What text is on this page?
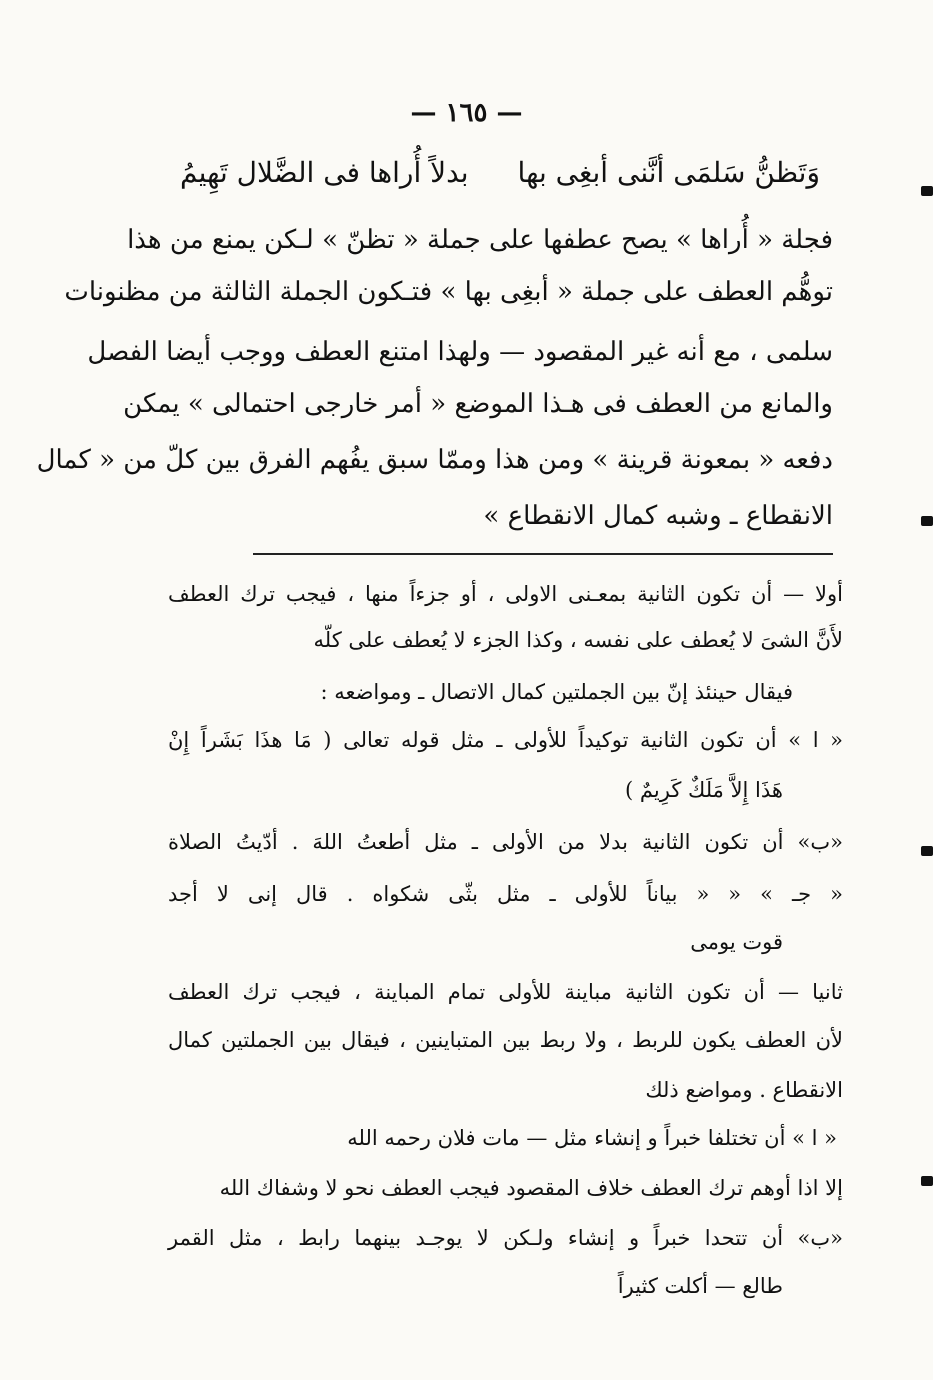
— ١٦٥ —
وَتَظنُّ سَلمَى أنَّنى أبغِى بها
بدلاً أُراها فى الضَّلال تَهِيمُ
فجلة « أُراها » يصح عطفها على جملة « تظنّ » لـكن يمنع من هذا
توهُّم العطف على جملة « أبغِى بها » فتـكون الجملة الثالثة من مظنونات
سلمى ، مع أنه غير المقصود — ولهذا امتنع العطف ووجب أيضا الفصل
والمانع من العطف فى هـذا الموضع « أمر خارجى احتمالى » يمكن
دفعه « بمعونة قرينة » ومن هذا وممّا سبق يفُهم الفرق بين كلّ من « كمال
الانقطاع ـ وشبه كمال الانقطاع »
أولا — أن تكون الثانية بمعـنى الاولى ، أو جزءاً منها ، فيجب ترك العطف
لأَنَّ الشىَ لا يُعطف على نفسه ، وكذا الجزء لا يُعطف على كلّه
فيقال حينئذ إنّ بين الجملتين كمال الاتصال ـ ومواضعه :
« ا » أن تكون الثانية توكيداً للأولى ـ مثل قوله تعالى ( مَا هذَا بَشَراً إِنْ
هَذَا إِلاَّ مَلَكٌ كَرِيمٌ )
«ب» أن تكون الثانية بدلا من الأولى ـ مثل أطعتُ اللهَ . أدّيتُ الصلاة
« جـ » « « بياناً للأولى ـ مثل بثّى شكواه . قال إنى لا أجد
قوت يومى
ثانيا — أن تكون الثانية مباينة للأولى تمام المباينة ، فيجب ترك العطف
لأن العطف يكون للربط ، ولا ربط بين المتباينين ، فيقال بين الجملتين كمال
الانقطاع . ومواضع ذلك
« ا » أن تختلفا خبراً و إنشاء مثل — مات فلان رحمه الله
إلا اذا أوهم ترك العطف خلاف المقصود فيجب العطف نحو لا وشفاك الله
«ب» أن تتحدا خبراً و إنشاء ولـكن لا يوجـد بينهما رابط ، مثل القمر
طالع — أكلت كثيراً
